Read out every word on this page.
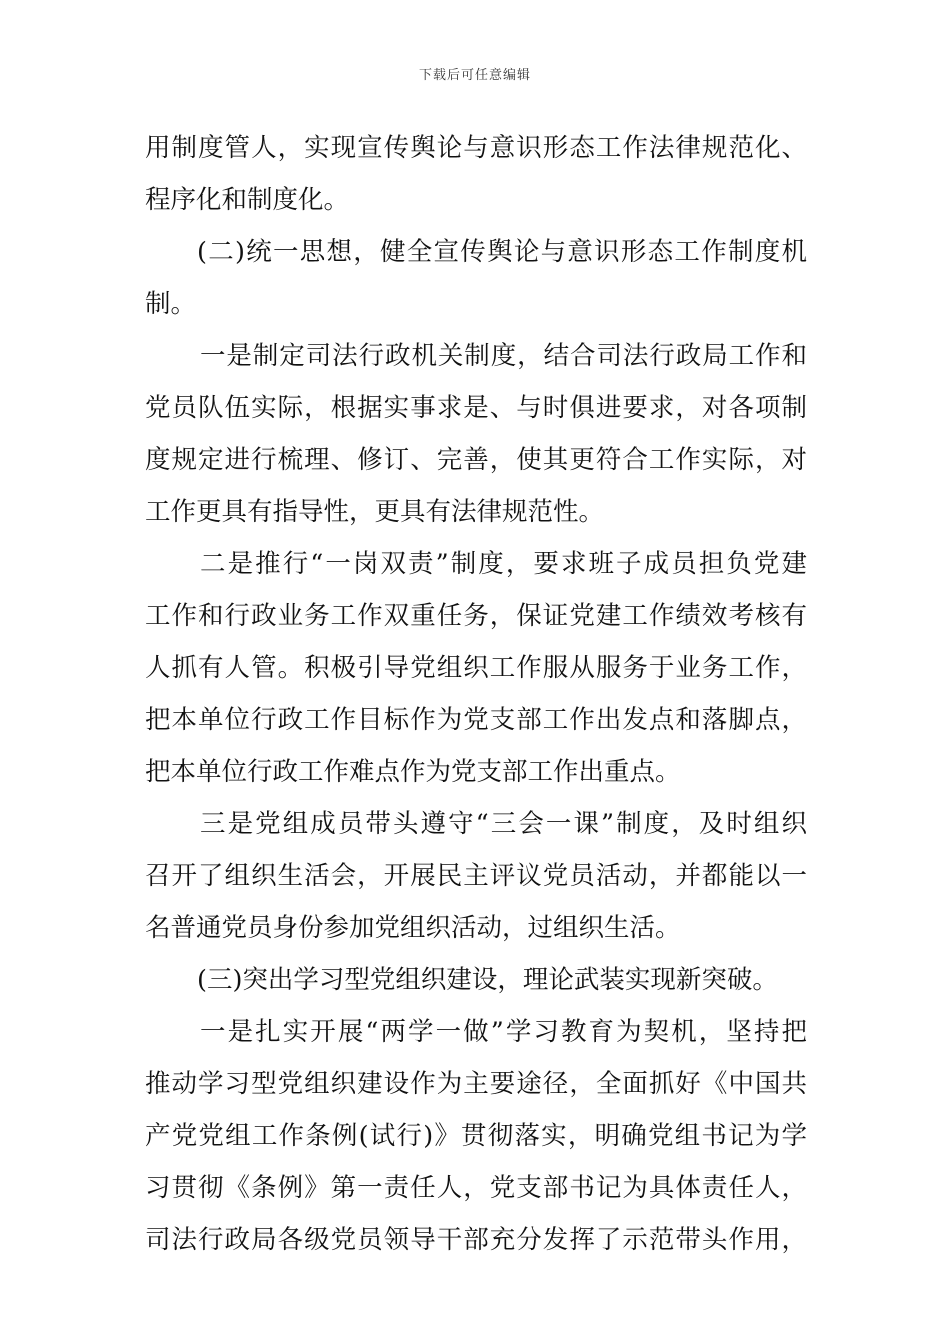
下载后可任意编辑
用制度管人，实现宣传舆论与意识形态工作法律规范化、
程序化和制度化。
(二)统一思想，健全宣传舆论与意识形态工作制度机
制。
一是制定司法行政机关制度，结合司法行政局工作和
党员队伍实际，根据实事求是、与时俱进要求，对各项制
度规定进行梳理、修订、完善，使其更符合工作实际，对
工作更具有指导性，更具有法律规范性。
二是推行“一岗双责”制度，要求班子成员担负党建
工作和行政业务工作双重任务，保证党建工作绩效考核有
人抓有人管。积极引导党组织工作服从服务于业务工作，
把本单位行政工作目标作为党支部工作出发点和落脚点，
把本单位行政工作难点作为党支部工作出重点。
三是党组成员带头遵守“三会一课”制度，及时组织
召开了组织生活会，开展民主评议党员活动，并都能以一
名普通党员身份参加党组织活动，过组织生活。
(三)突出学习型党组织建设，理论武装实现新突破。
一是扎实开展“两学一做”学习教育为契机，坚持把
推动学习型党组织建设作为主要途径，全面抓好《中国共
产党党组工作条例(试行)》贯彻落实，明确党组书记为学
习贯彻《条例》第一责任人，党支部书记为具体责任人，
司法行政局各级党员领导干部充分发挥了示范带头作用，
